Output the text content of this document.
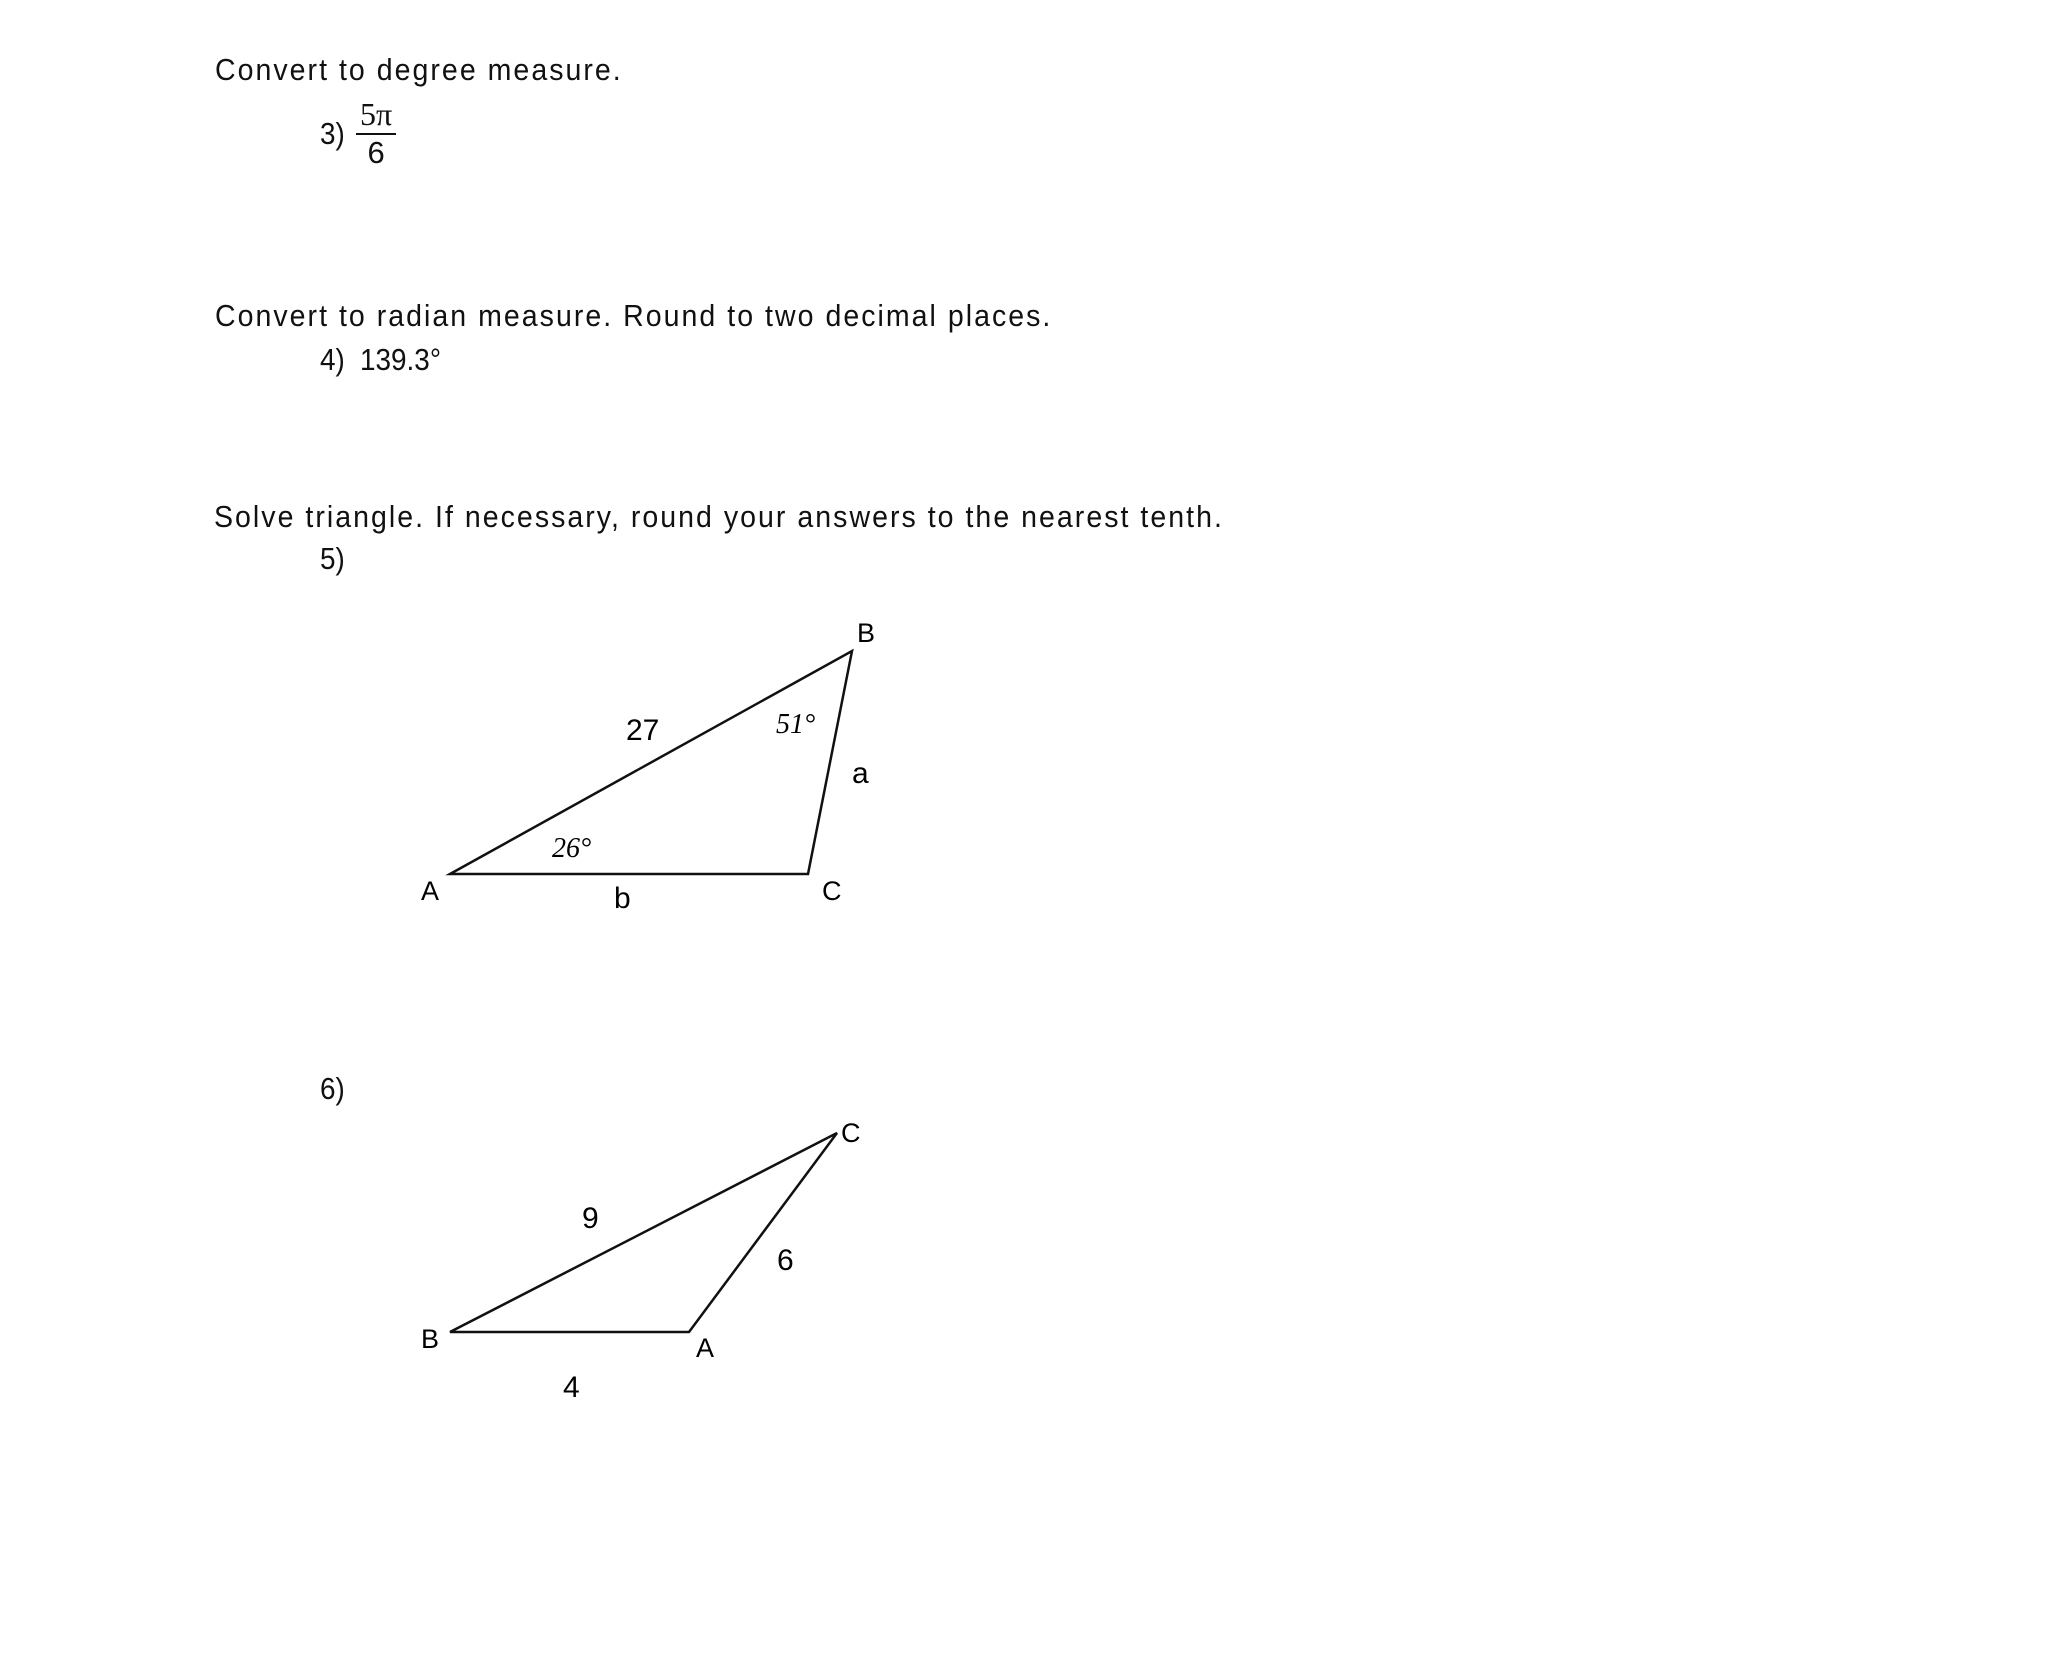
Convert to degree measure.
3)
5π
6
Convert to radian measure. Round to two decimal places.
4) 139.3°
Solve triangle. If necessary, round your answers to the nearest tenth.
5)
A
B
C
27
a
b
26°
51°
6)
B	A
C
9
6
4
